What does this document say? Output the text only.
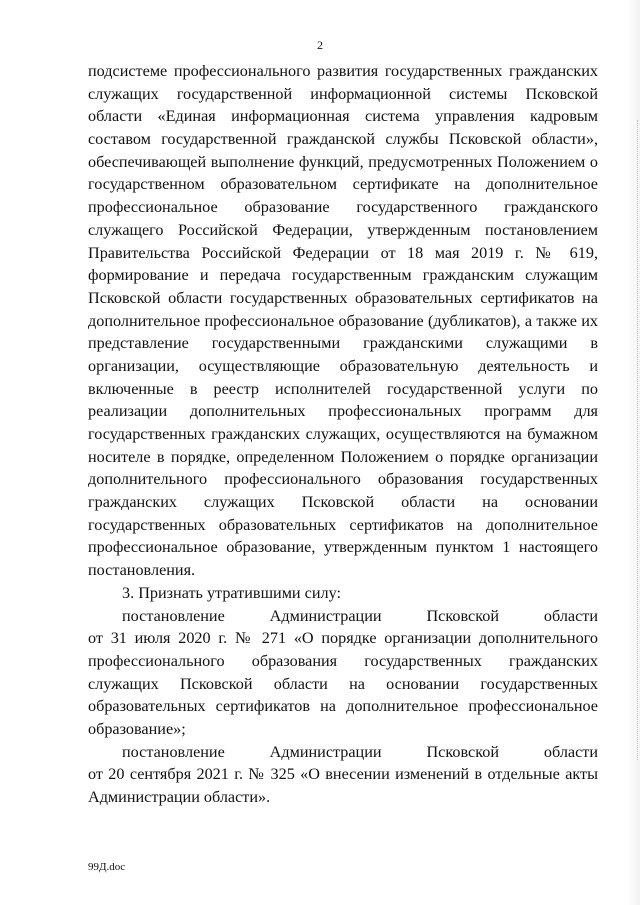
2
подсистеме профессионального развития государственных гражданских
служащих государственной информационной системы Псковской
области «Единая информационная система управления кадровым
составом государственной гражданской службы Псковской области»,
обеспечивающей выполнение функций, предусмотренных Положением о
государственном образовательном сертификате на дополнительное
профессиональное образование государственного гражданского
служащего Российской Федерации, утвержденным постановлением
Правительства Российской Федерации от 18 мая 2019 г. № 619,
формирование и передача государственным гражданским служащим
Псковской области государственных образовательных сертификатов на
дополнительное профессиональное образование (дубликатов), а также их
представление государственными гражданскими служащими в
организации, осуществляющие образовательную деятельность и
включенные в реестр исполнителей государственной услуги по
реализации дополнительных профессиональных программ для
государственных гражданских служащих, осуществляются на бумажном
носителе в порядке, определенном Положением о порядке организации
дополнительного профессионального образования государственных
гражданских служащих Псковской области на основании
государственных образовательных сертификатов на дополнительное
профессиональное образование, утвержденным пунктом 1 настоящего
постановления.
3. Признать утратившими силу:
постановление Администрации Псковской области
от 31 июля 2020 г. № 271 «О порядке организации дополнительного
профессионального образования государственных гражданских
служащих Псковской области на основании государственных
образовательных сертификатов на дополнительное профессиональное
образование»;
постановление Администрации Псковской области
от 20 сентября 2021 г. № 325 «О внесении изменений в отдельные акты
Администрации области».
99Д.doc
